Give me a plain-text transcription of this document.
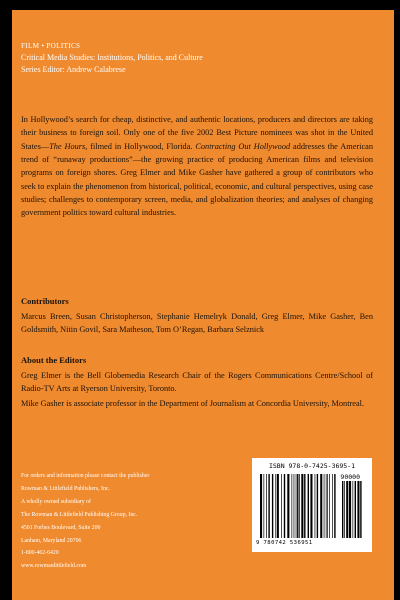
FILM • POLITICS
Critical Media Studies: Institutions, Politics, and Culture
Series Editor: Andrew Calabrese

In Hollywood’s search for cheap, distinctive, and authentic locations, producers and directors are taking their business to foreign soil. Only one of the five 2002 Best Picture nominees was shot in the United States—The Hours, filmed in Hollywood, Florida. Contracting Out Hollywood addresses the American trend of “runaway productions”—the growing practice of producing American films and television programs on foreign shores. Greg Elmer and Mike Gasher have gathered a group of contributors who seek to explain the phenomenon from historical, political, economic, and cultural perspectives, using case studies; challenges to contemporary screen, media, and globalization theories; and analyses of changing government politics toward cultural industries.

Contributors

Marcus Breen, Susan Christopherson, Stephanie Hemelryk Donald, Greg Elmer, Mike Gasher, Ben Goldsmith, Nitin Govil, Sara Matheson, Tom O’Regan, Barbara Selznick

About the Editors

Greg Elmer is the Bell Globemedia Research Chair of the Rogers Communications Centre/School of Radio-TV Arts at Ryerson University, Toronto.

Mike Gasher is associate professor in the Department of Journalism at Concordia University, Montreal.

For orders and information please contact the publisher
Rowman & Littlefield Publishers, Inc.
A wholly owned subsidiary of
The Rowman & Littlefield Publishing Group, Inc.
4501 Forbes Boulevard, Suite 200
Lanham, Maryland 20706
1-800-462-6420
www.rowmanlittlefield.com
ISBN 978-0-7425-3695-1
90000
9 780742 536951
